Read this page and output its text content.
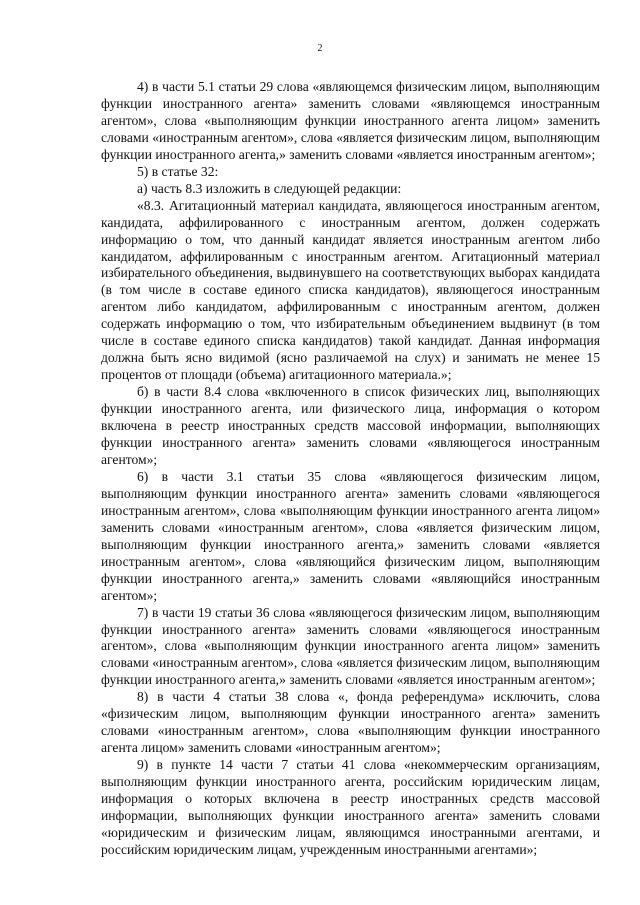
2

4) в части 5.1 статьи 29 слова «являющемся физическим лицом, выполняющим функции иностранного агента» заменить словами «являющемся иностранным агентом», слова «выполняющим функции иностранного агента лицом» заменить словами «иностранным агентом», слова «является физическим лицом, выполняющим функции иностранного агента,» заменить словами «является иностранным агентом»;

5) в статье 32:

а) часть 8.3 изложить в следующей редакции:

«8.3. Агитационный материал кандидата, являющегося иностранным агентом, кандидата, аффилированного с иностранным агентом, должен содержать информацию о том, что данный кандидат является иностранным агентом либо кандидатом, аффилированным с иностранным агентом. Агитационный материал избирательного объединения, выдвинувшего на соответствующих выборах кандидата (в том числе в составе единого списка кандидатов), являющегося иностранным агентом либо кандидатом, аффилированным с иностранным агентом, должен содержать информацию о том, что избирательным объединением выдвинут (в том числе в составе единого списка кандидатов) такой кандидат. Данная информация должна быть ясно видимой (ясно различаемой на слух) и занимать не менее 15 процентов от площади (объема) агитационного материала.»;

б) в части 8.4 слова «включенного в список физических лиц, выполняющих функции иностранного агента, или физического лица, информация о котором включена в реестр иностранных средств массовой информации, выполняющих функции иностранного агента» заменить словами «являющегося иностранным агентом»;

6) в части 3.1 статьи 35 слова «являющегося физическим лицом, выполняющим функции иностранного агента» заменить словами «являющегося иностранным агентом», слова «выполняющим функции иностранного агента лицом» заменить словами «иностранным агентом», слова «является физическим лицом, выполняющим функции иностранного агента,» заменить словами «является иностранным агентом», слова «являющийся физическим лицом, выполняющим функции иностранного агента,» заменить словами «являющийся иностранным агентом»;

7) в части 19 статьи 36 слова «являющегося физическим лицом, выполняющим функции иностранного агента» заменить словами «являющегося иностранным агентом», слова «выполняющим функции иностранного агента лицом» заменить словами «иностранным агентом», слова «является физическим лицом, выполняющим функции иностранного агента,» заменить словами «является иностранным агентом»;

8) в части 4 статьи 38 слова «, фонда референдума» исключить, слова «физическим лицом, выполняющим функции иностранного агента» заменить словами «иностранным агентом», слова «выполняющим функции иностранного агента лицом» заменить словами «иностранным агентом»;

9) в пункте 14 части 7 статьи 41 слова «некоммерческим организациям, выполняющим функции иностранного агента, российским юридическим лицам, информация о которых включена в реестр иностранных средств массовой информации, выполняющих функции иностранного агента» заменить словами «юридическим и физическим лицам, являющимся иностранными агентами, и российским юридическим лицам, учрежденным иностранными агентами»;
